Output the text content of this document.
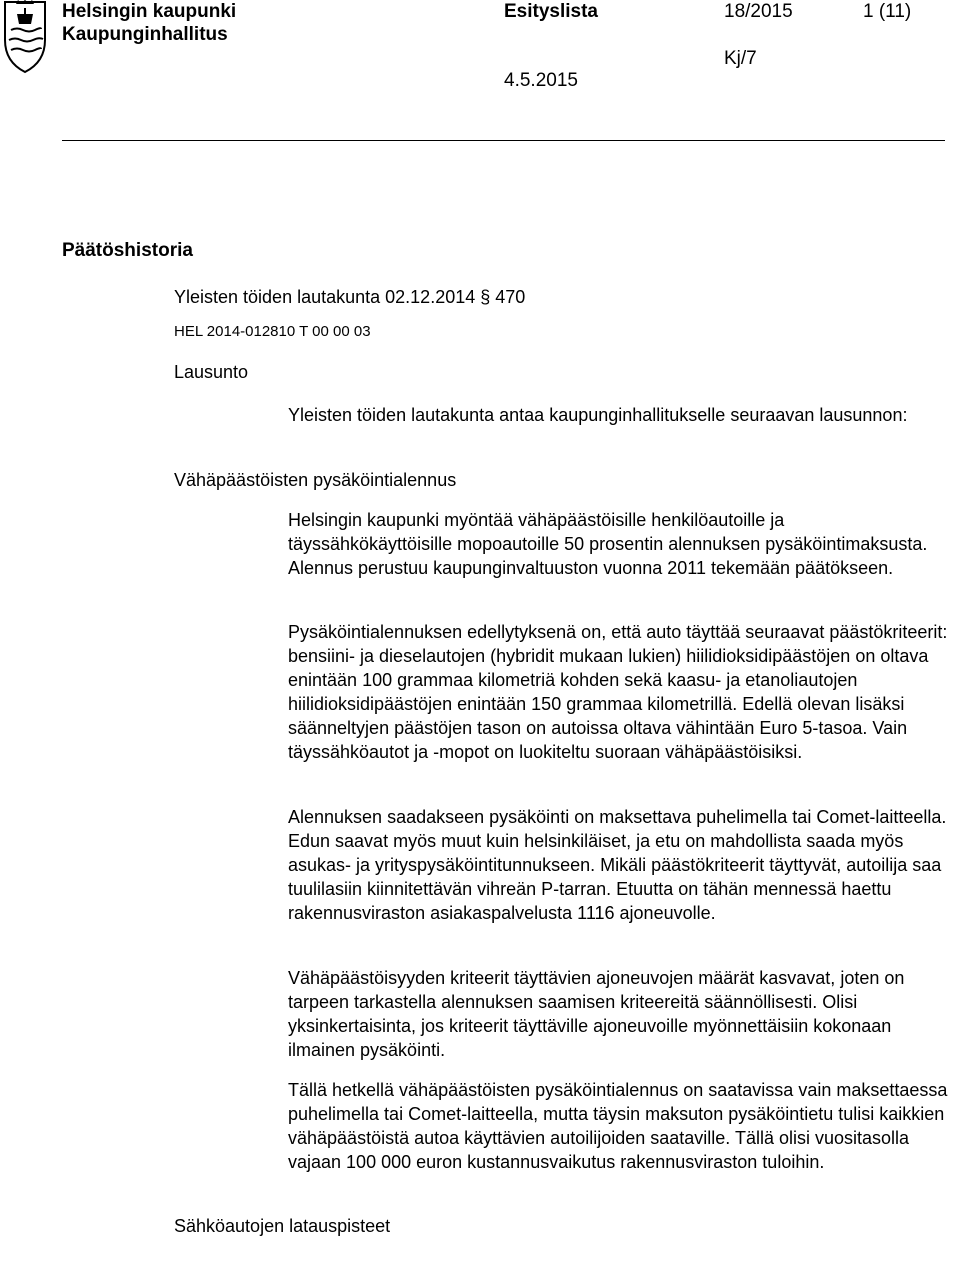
Helsingin kaupunki
Kaupunginhallitus
Esityslista	18/2015	1 (11)
Kj/7
4.5.2015
Päätöshistoria
Yleisten töiden lautakunta 02.12.2014 § 470
HEL 2014-012810 T 00 00 03
Lausunto

Yleisten töiden lautakunta antaa kaupunginhallitukselle seuraavan lausunnon:

Vähäpäästöisten pysäköintialennus

Helsingin kaupunki myöntää vähäpäästöisille henkilöautoille ja täyssähkökäyttöisille mopoautoille 50 prosentin alennuksen pysäköintimaksusta. Alennus perustuu kaupunginvaltuuston vuonna 2011 tekemään päätökseen.

Pysäköintialennuksen edellytyksenä on, että auto täyttää seuraavat päästökriteerit: bensiini- ja dieselautojen (hybridit mukaan lukien) hiilidioksidipäästöjen on oltava enintään 100 grammaa kilometriä kohden sekä kaasu- ja etanoliautojen hiilidioksidipäästöjen enintään 150 grammaa kilometrillä. Edellä olevan lisäksi säänneltyjen päästöjen tason on autoissa oltava vähintään Euro 5-tasoa. Vain täyssähköautot ja -mopot on luokiteltu suoraan vähäpäästöisiksi.

Alennuksen saadakseen pysäköinti on maksettava puhelimella tai Comet-laitteella. Edun saavat myös muut kuin helsinkiläiset, ja etu on mahdollista saada myös asukas- ja yrityspysäköintitunnukseen. Mikäli päästökriteerit täyttyvät, autoilija saa tuulilasiin kiinnitettävän vihreän P-tarran. Etuutta on tähän mennessä haettu rakennusviraston asiakaspalvelusta 1116 ajoneuvolle.

Vähäpäästöisyyden kriteerit täyttävien ajoneuvojen määrät kasvavat, joten on tarpeen tarkastella alennuksen saamisen kriteereitä säännöllisesti. Olisi yksinkertaisinta, jos kriteerit täyttäville ajoneuvoille myönnettäisiin kokonaan ilmainen pysäköinti.

Tällä hetkellä vähäpäästöisten pysäköintialennus on saatavissa vain maksettaessa puhelimella tai Comet-laitteella, mutta täysin maksuton pysäköintietu tulisi kaikkien vähäpäästöistä autoa käyttävien autoilijoiden saataville. Tällä olisi vuositasolla vajaan 100 000 euron kustannusvaikutus rakennusviraston tuloihin.

Sähköautojen latauspisteet
